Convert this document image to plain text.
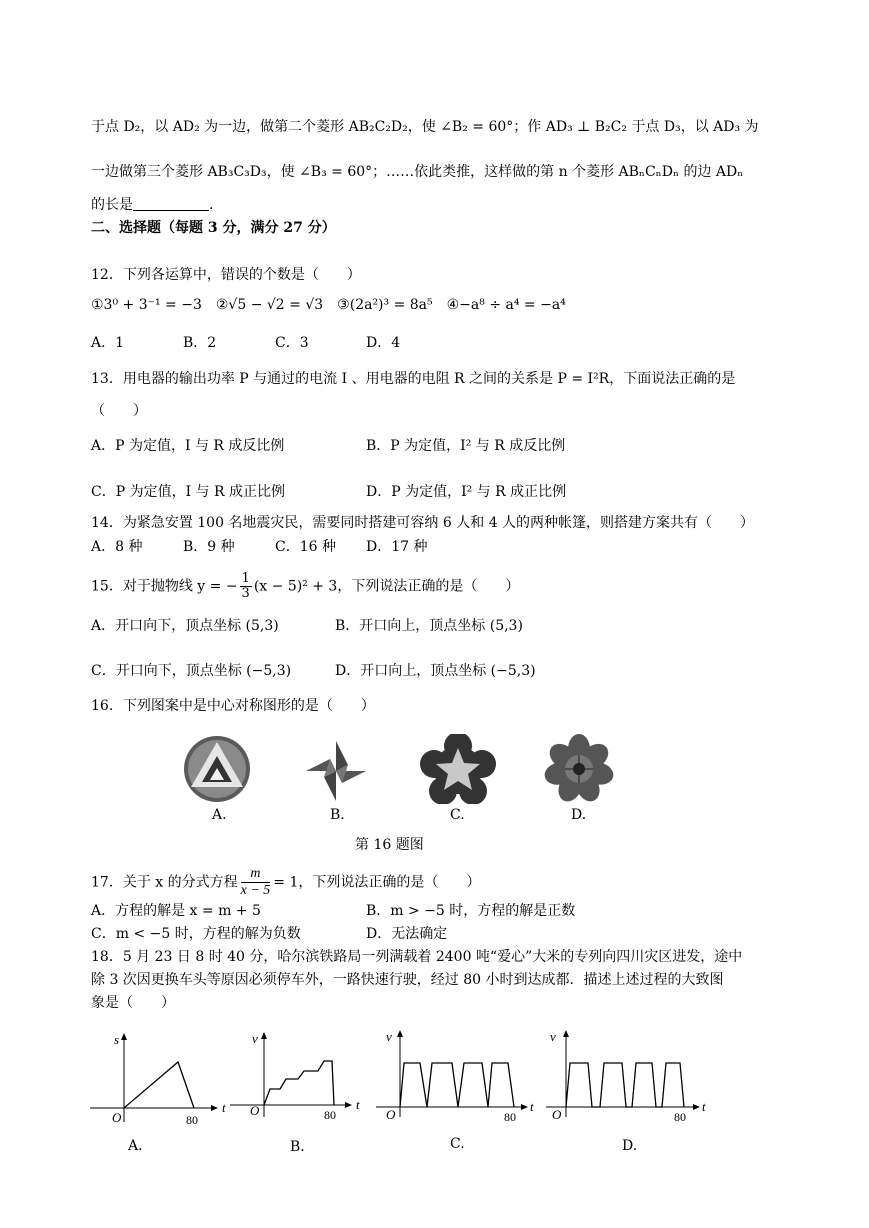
于点 D₂，以 AD₂ 为一边，做第二个菱形 AB₂C₂D₂，使 ∠B₂ = 60°；作 AD₃ ⊥ B₂C₂ 于点 D₃，以 AD₃ 为
一边做第三个菱形 AB₃C₃D₃，使 ∠B₃ = 60°；……依此类推，这样做的第 n 个菱形 ABₙCₙDₙ 的边 ADₙ
的长是	.
二、选择题（每题 3 分，满分 27 分）
12．下列各运算中，错误的个数是（　　）
①3⁰ + 3⁻¹ = −3　②√5 − √2 = √3　③(2a²)³ = 8a⁵　④−a⁸ ÷ a⁴ = −a⁴
A．1	B．2	C．3	D．4
13．用电器的输出功率 P 与通过的电流 I 、用电器的电阻 R 之间的关系是 P = I²R，下面说法正确的是
（　　）
A．P 为定值，I 与 R 成反比例	B．P 为定值，I² 与 R 成反比例
C．P 为定值，I 与 R 成正比例	D．P 为定值，I² 与 R 成正比例
14．为紧急安置 100 名地震灾民，需要同时搭建可容纳 6 人和 4 人的两种帐篷，则搭建方案共有（　　）
A．8 种	B．9 种	C．16 种 D．17 种
15．对于抛物线 y = − $\frac{1}{3} (x - 5)^2 + 3$，下列说法正确的是（　　）
A．开口向下，顶点坐标 (5,3)	B．开口向上，顶点坐标 (5,3)
C．开口向下，顶点坐标 (−5,3)	D．开口向上，顶点坐标 (−5,3)
16．下列图案中是中心对称图形的是（　　）
A.	B.	C.	D.
第 16 题图
17．关于 x 的分式方程 $\frac{m}{x - 5} = 1$，下列说法正确的是（　　）
A．方程的解是 x = m + 5	B．m > −5 时，方程的解是正数
C．m < −5 时，方程的解为负数	D．无法确定
18．5 月 23 日 8 时 40 分，哈尔滨铁路局一列满载着 2400 吨“爱心”大米的专列向四川灾区进发，途中
除 3 次因更换车头等原因必须停车外，一路快速行驶，经过 80 小时到达成都．描述上述过程的大致图
象是（　　）
s
t
O	80
v
t
O	80
v
t
O	80
v
t
O	80
A.	B．	C.	D.
